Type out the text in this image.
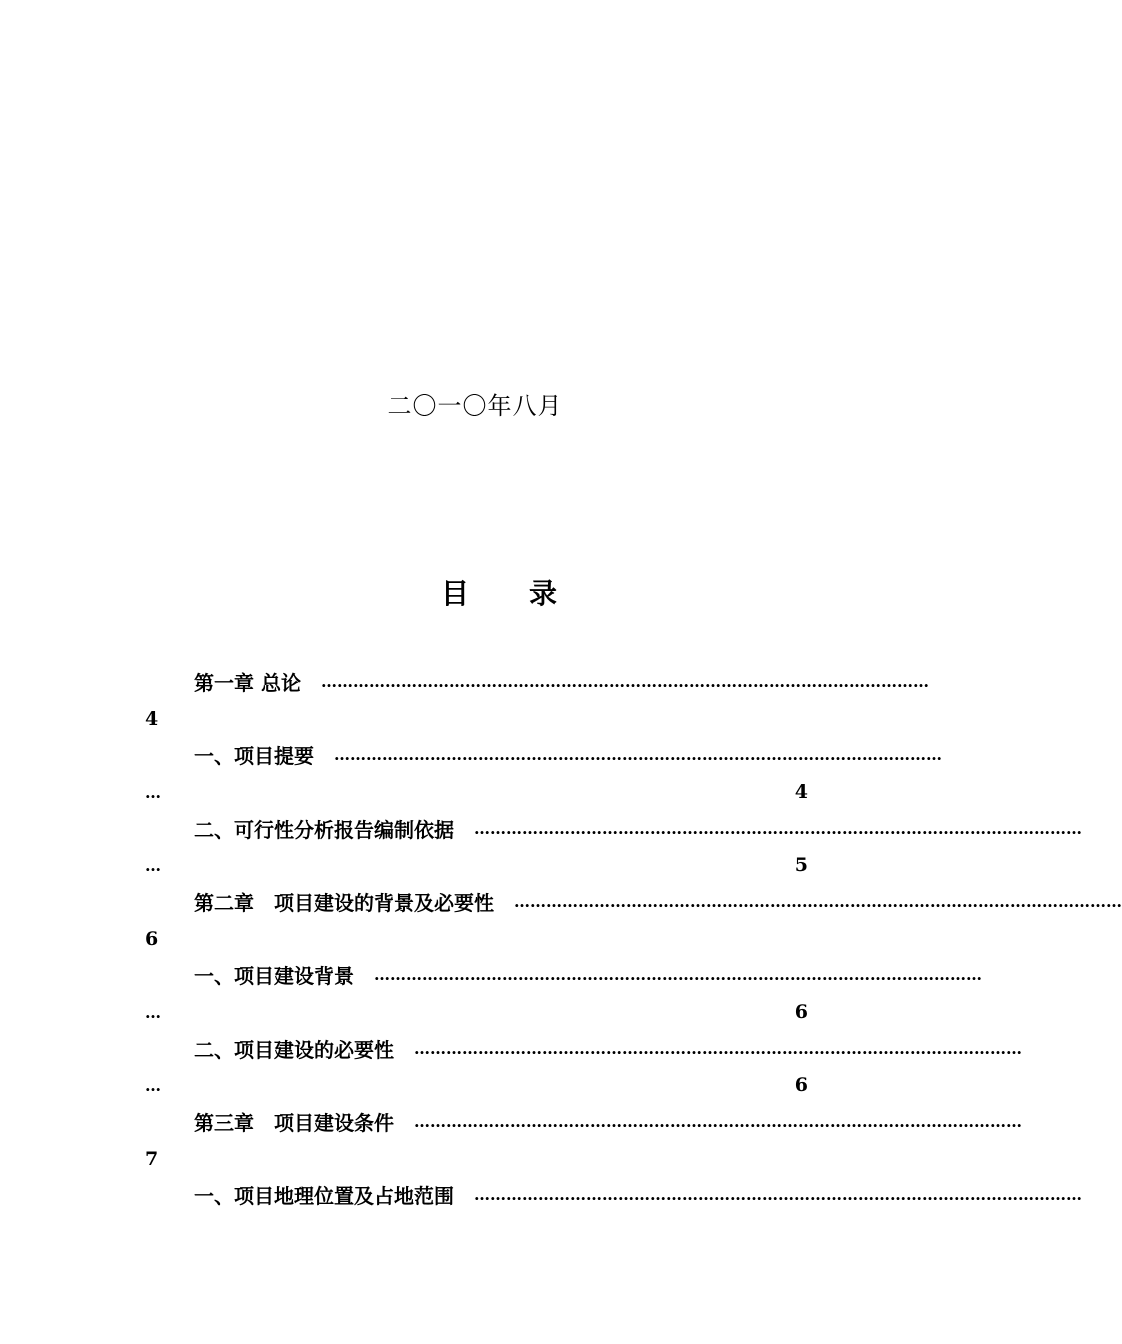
二〇一〇年八月
目 录
第一章 总论	……………………………………………………………………………………………………
4
一、项目提要	……………………………………………………………………………………………………
…	4
二、可行性分析报告编制依据	……………………………………………………………………………………………………
…	5
第二章　项目建设的背景及必要性	……………………………………………………………………………………………………
6
一、项目建设背景	……………………………………………………………………………………………………
…	6
二、项目建设的必要性	……………………………………………………………………………………………………
…	6
第三章　项目建设条件	……………………………………………………………………………………………………
7
一、项目地理位置及占地范围	……………………………………………………………………………………………………
